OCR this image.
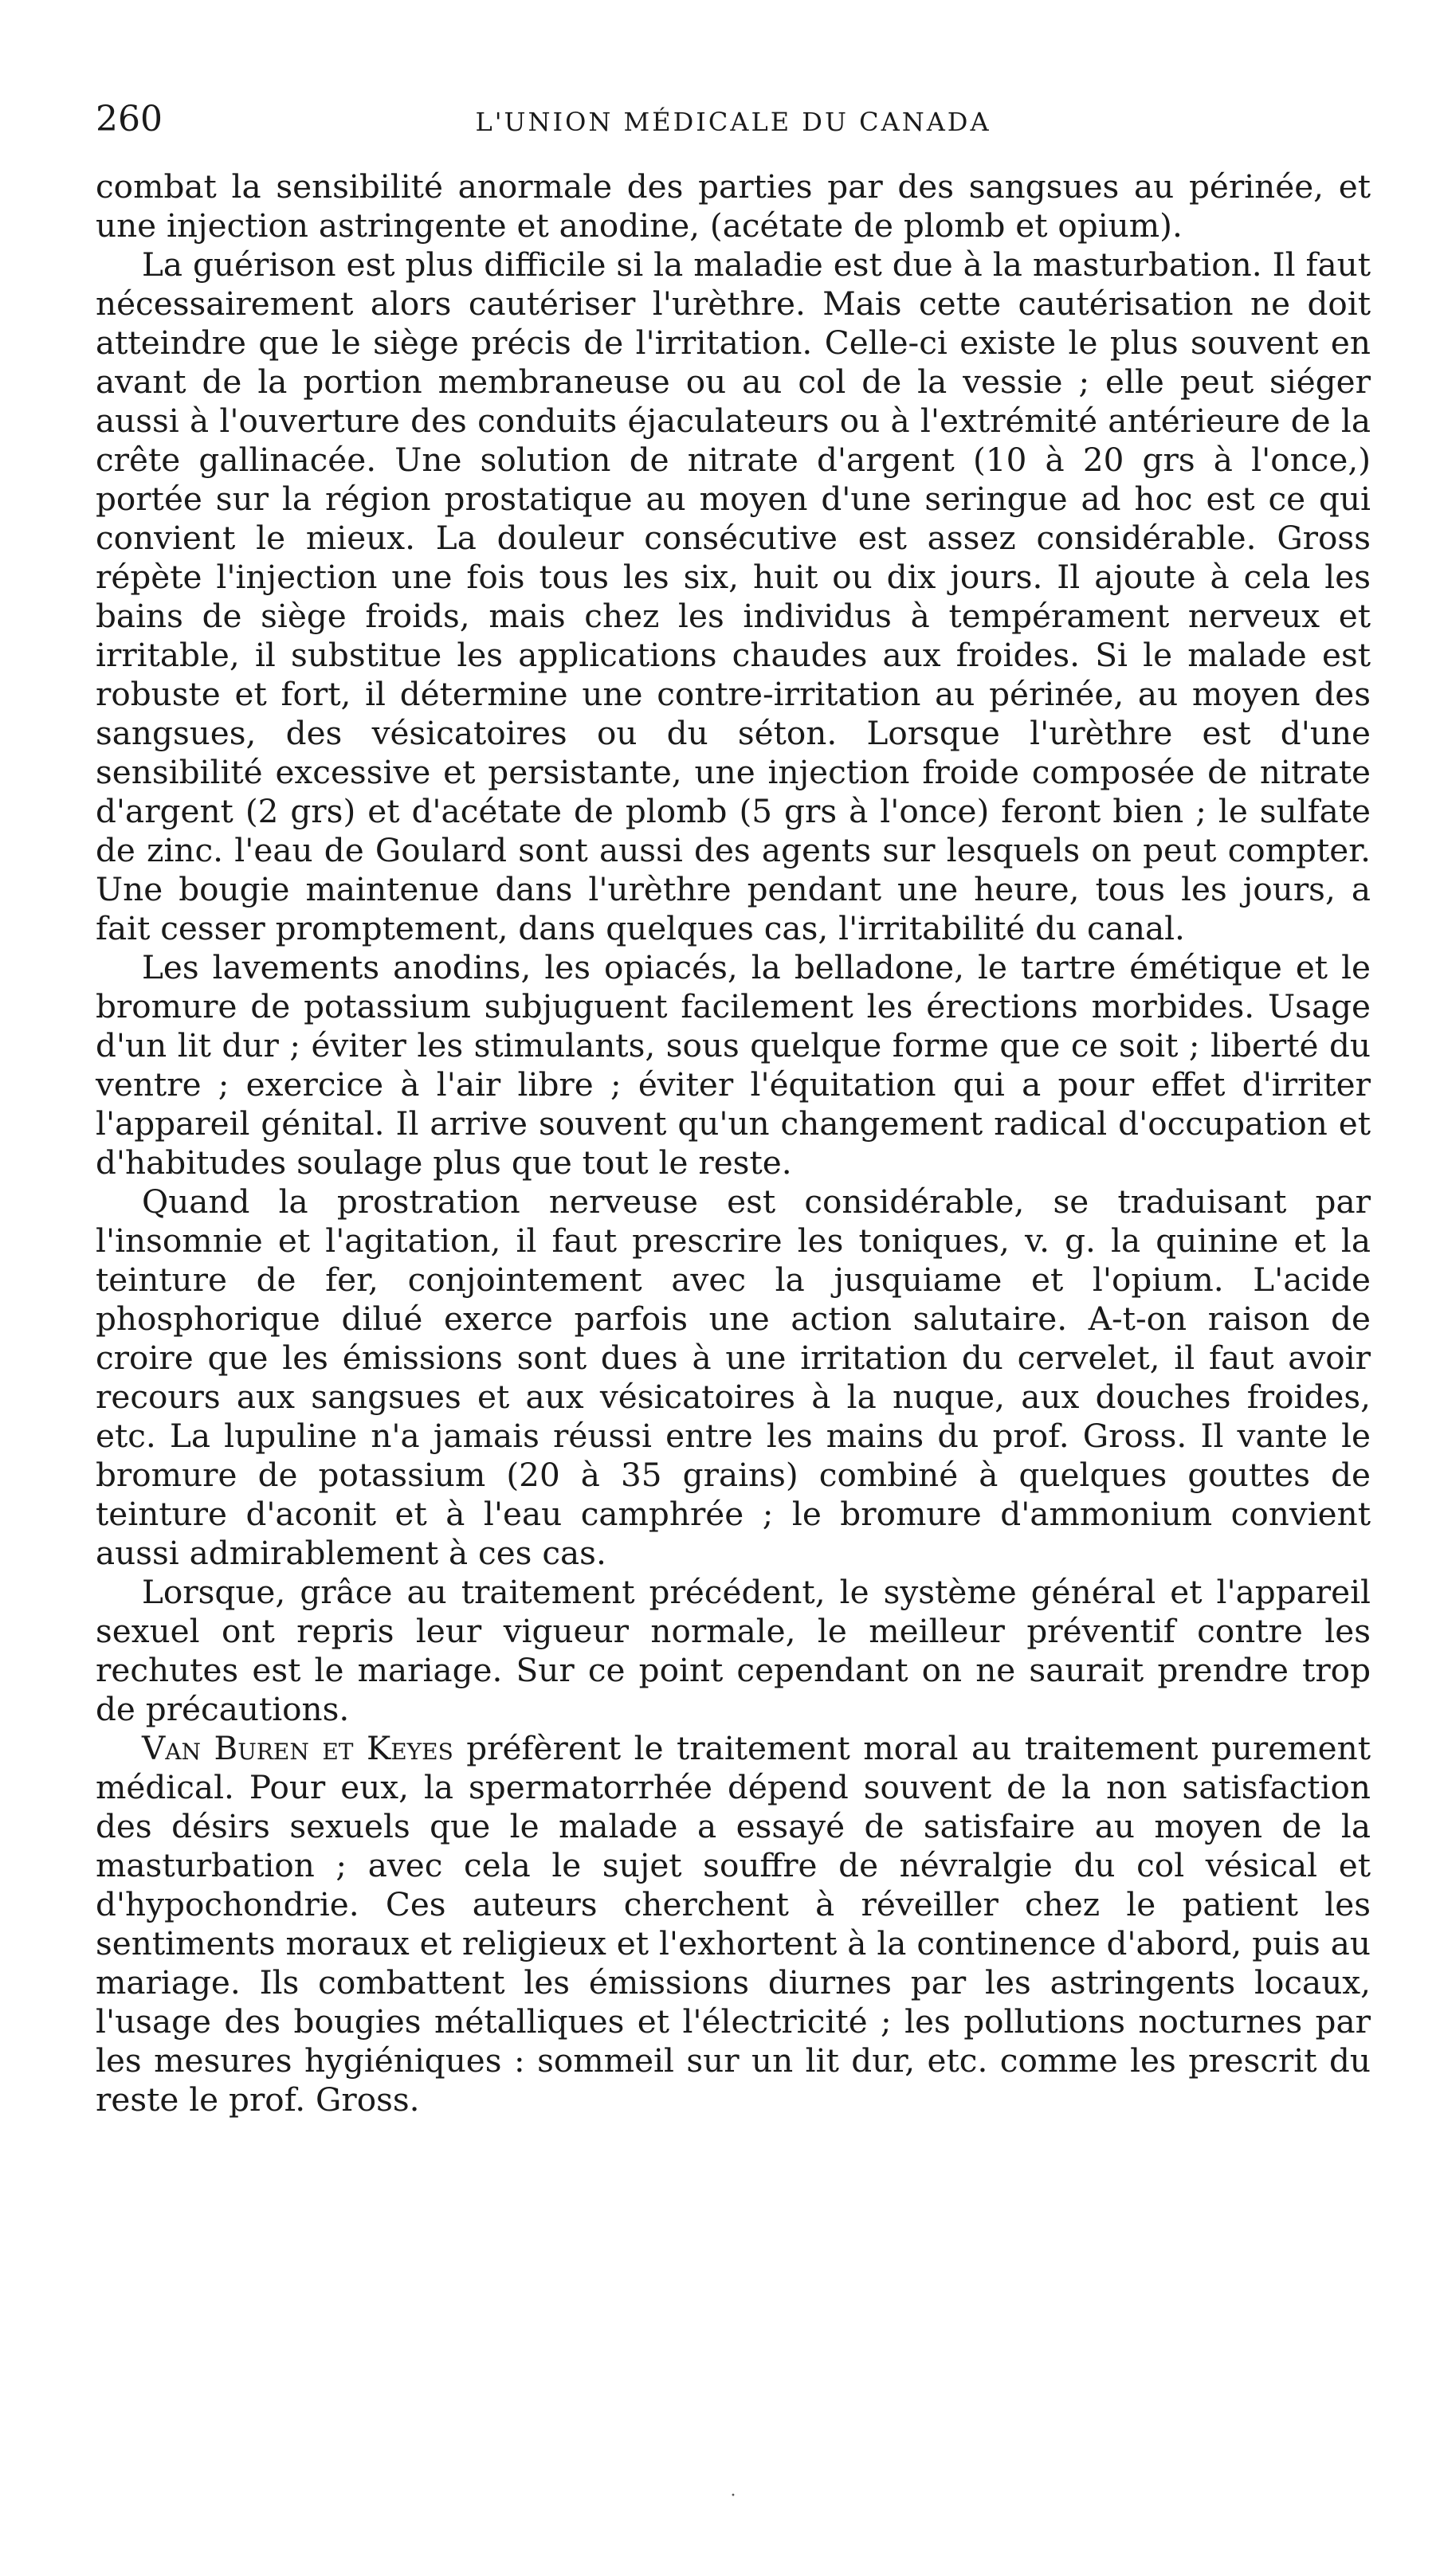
260	L'UNION MÉDICALE DU CANADA

combat la sensibilité anormale des parties par des sangsues au périnée, et une injection astringente et anodine, (acétate de plomb et opium).

La guérison est plus difficile si la maladie est due à la masturbation. Il faut nécessairement alors cautériser l'urèthre. Mais cette cautérisation ne doit atteindre que le siège précis de l'irritation. Celle-ci existe le plus souvent en avant de la portion membraneuse ou au col de la vessie ; elle peut siéger aussi à l'ouverture des conduits éjaculateurs ou à l'extrémité antérieure de la crête gallinacée. Une solution de nitrate d'argent (10 à 20 grs à l'once,) portée sur la région prostatique au moyen d'une seringue ad hoc est ce qui convient le mieux. La douleur consécutive est assez considérable. Gross répète l'injection une fois tous les six, huit ou dix jours. Il ajoute à cela les bains de siège froids, mais chez les individus à tempérament nerveux et irritable, il substitue les applications chaudes aux froides. Si le malade est robuste et fort, il détermine une contre-irritation au périnée, au moyen des sangsues, des vésicatoires ou du séton. Lorsque l'urèthre est d'une sensibilité excessive et persistante, une injection froide composée de nitrate d'argent (2 grs) et d'acétate de plomb (5 grs à l'once) feront bien ; le sulfate de zinc. l'eau de Goulard sont aussi des agents sur lesquels on peut compter. Une bougie maintenue dans l'urèthre pendant une heure, tous les jours, a fait cesser promptement, dans quelques cas, l'irritabilité du canal.

Les lavements anodins, les opiacés, la belladone, le tartre émétique et le bromure de potassium subjuguent facilement les érections morbides. Usage d'un lit dur ; éviter les stimulants, sous quelque forme que ce soit ; liberté du ventre ; exercice à l'air libre ; éviter l'équitation qui a pour effet d'irriter l'appareil génital. Il arrive souvent qu'un changement radical d'occupation et d'habitudes soulage plus que tout le reste.

Quand la prostration nerveuse est considérable, se traduisant par l'insomnie et l'agitation, il faut prescrire les toniques, v. g. la quinine et la teinture de fer, conjointement avec la jusquiame et l'opium. L'acide phosphorique dilué exerce parfois une action salutaire. A-t-on raison de croire que les émissions sont dues à une irritation du cervelet, il faut avoir recours aux sangsues et aux vésicatoires à la nuque, aux douches froides, etc. La lupuline n'a jamais réussi entre les mains du prof. Gross. Il vante le bromure de potassium (20 à 35 grains) combiné à quelques gouttes de teinture d'aconit et à l'eau camphrée ; le bromure d'ammonium convient aussi admirablement à ces cas.

Lorsque, grâce au traitement précédent, le système général et l'appareil sexuel ont repris leur vigueur normale, le meilleur préventif contre les rechutes est le mariage. Sur ce point cependant on ne saurait prendre trop de précautions.

Van Buren et Keyes préfèrent le traitement moral au traitement purement médical. Pour eux, la spermatorrhée dépend souvent de la non satisfaction des désirs sexuels que le malade a essayé de satisfaire au moyen de la masturbation ; avec cela le sujet souffre de névralgie du col vésical et d'hypochondrie. Ces auteurs cherchent à réveiller chez le patient les sentiments moraux et religieux et l'exhortent à la continence d'abord, puis au mariage. Ils combattent les émissions diurnes par les astringents locaux, l'usage des bougies métalliques et l'électricité ; les pollutions nocturnes par les mesures hygiéniques : sommeil sur un lit dur, etc. comme les prescrit du reste le prof. Gross.

·
